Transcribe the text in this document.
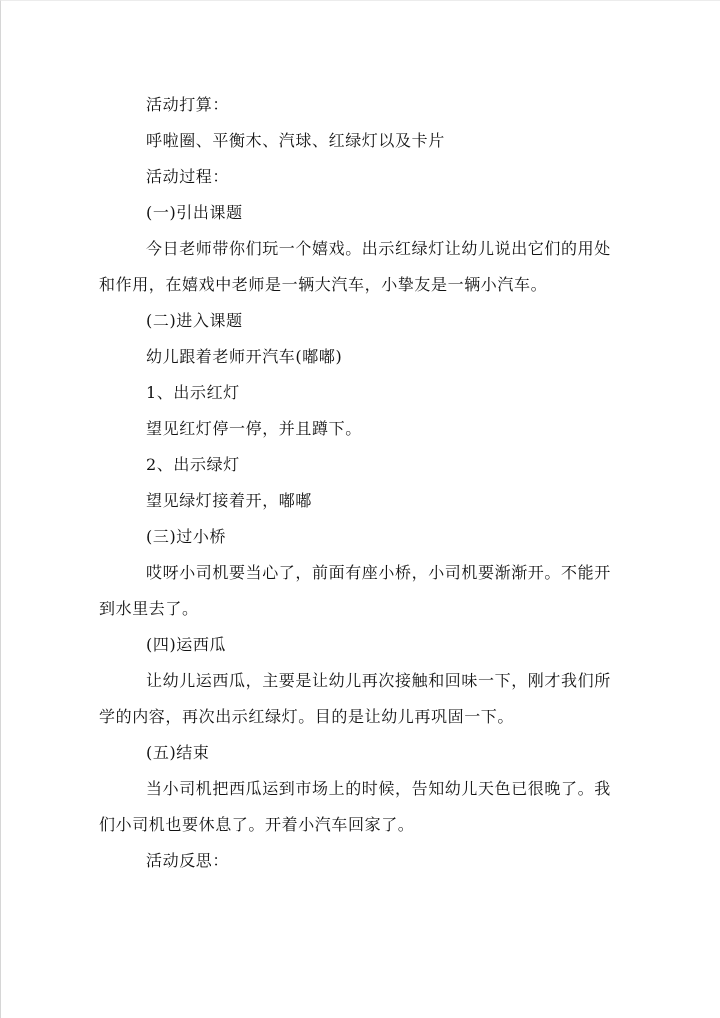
活动打算：

呼啦圈、平衡木、汽球、红绿灯以及卡片

活动过程：

(一)引出课题

今日老师带你们玩一个嬉戏。出示红绿灯让幼儿说出它们的用处和作用，在嬉戏中老师是一辆大汽车，小挚友是一辆小汽车。

(二)进入课题

幼儿跟着老师开汽车(嘟嘟)

1、出示红灯

望见红灯停一停，并且蹲下。

2、出示绿灯

望见绿灯接着开，嘟嘟

(三)过小桥

哎呀小司机要当心了，前面有座小桥，小司机要渐渐开。不能开到水里去了。

(四)运西瓜

让幼儿运西瓜，主要是让幼儿再次接触和回味一下，刚才我们所学的内容，再次出示红绿灯。目的是让幼儿再巩固一下。

(五)结束

当小司机把西瓜运到市场上的时候，告知幼儿天色已很晚了。我们小司机也要休息了。开着小汽车回家了。

活动反思：
